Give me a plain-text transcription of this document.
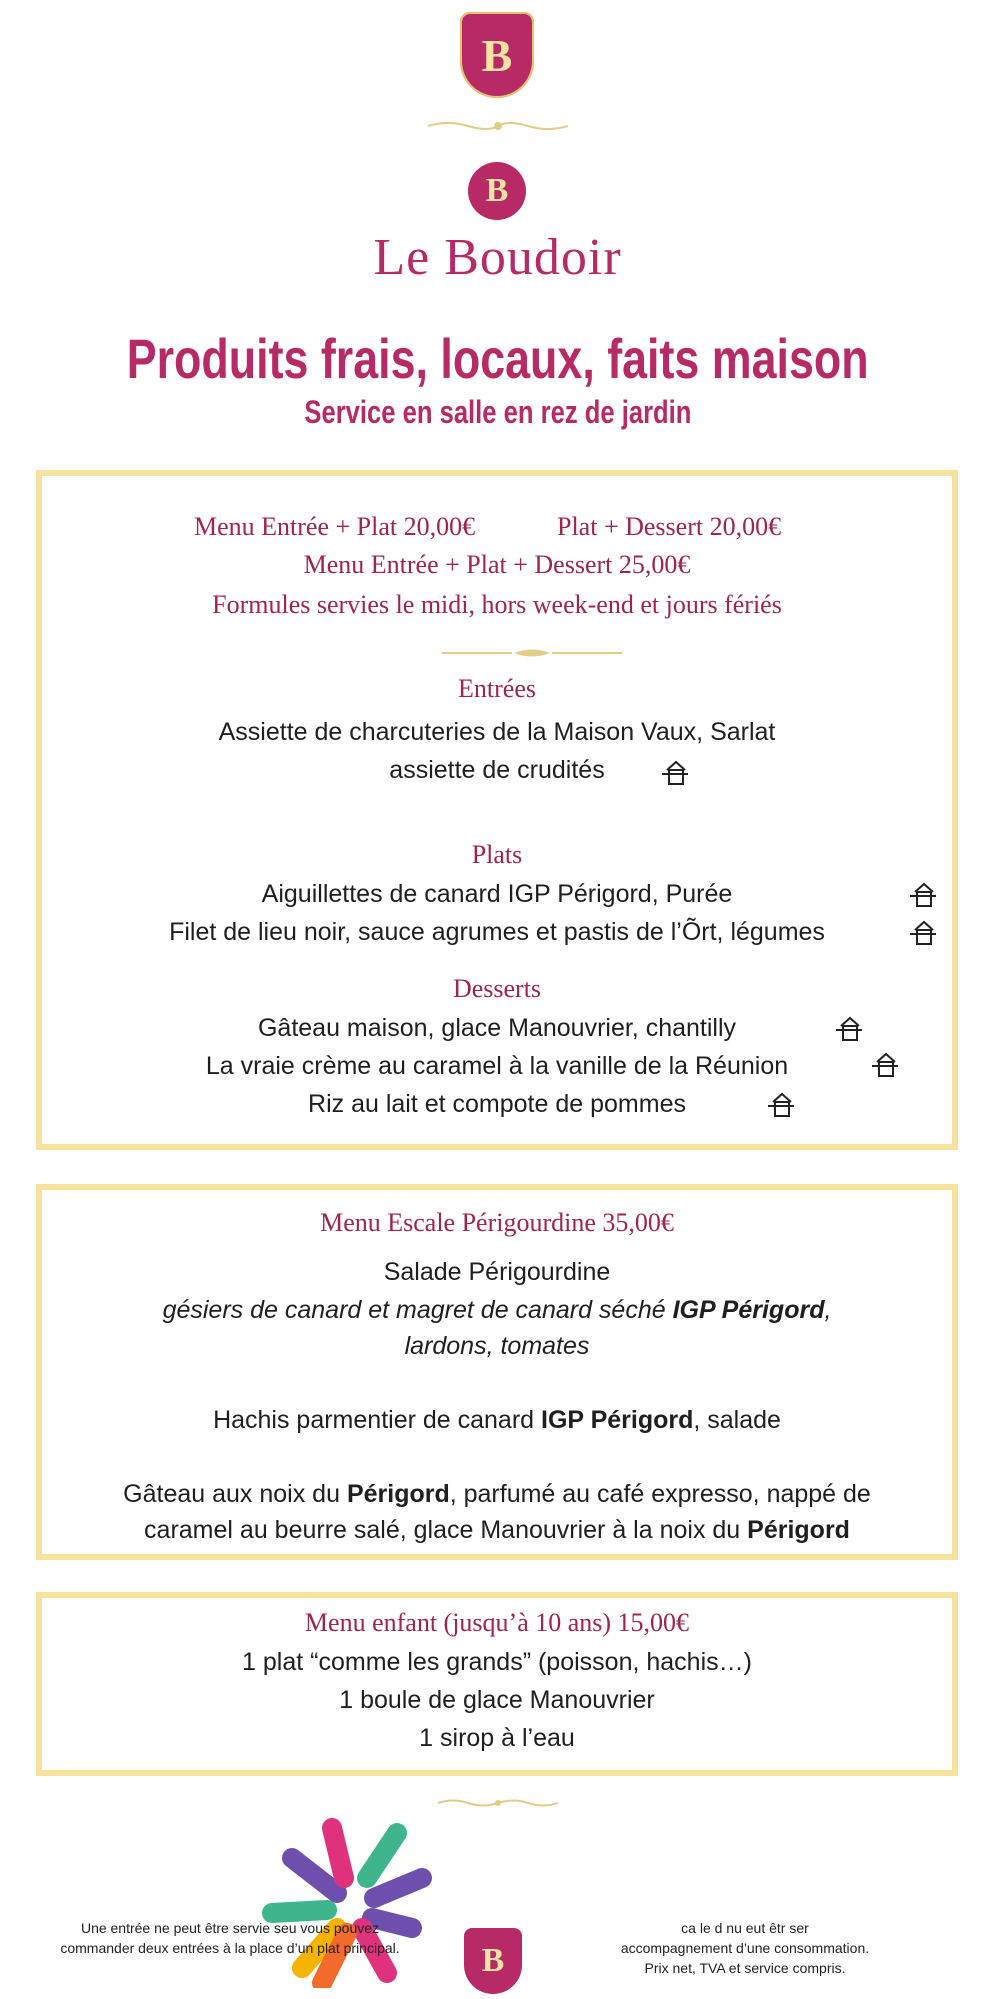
B
B
Le Boudoir
Produits frais, locaux, faits maison
Service en salle en rez de jardin
Menu Entrée + Plat 20,00€	Plat + Dessert 20,00€
Menu Entrée + Plat + Dessert 25,00€
Formules servies le midi, hors week-end et jours fériés
Entrées
Assiette de charcuteries de la Maison Vaux, Sarlat
assiette de crudités
Plats
Aiguillettes de canard IGP Périgord, Purée
Filet de lieu noir, sauce agrumes et pastis de l’Õrt, légumes
Desserts
Gâteau maison, glace Manouvrier, chantilly
La vraie crème au caramel à la vanille de la Réunion
Riz au lait et compote de pommes
Menu Escale Périgourdine 35,00€
Salade Périgourdine
gésiers de canard et magret de canard séché IGP Périgord,
lardons, tomates
Hachis parmentier de canard IGP Périgord, salade
Gâteau aux noix du Périgord, parfumé au café expresso, nappé de
caramel au beurre salé, glace Manouvrier à la noix du Périgord
Menu enfant (jusqu’à 10 ans) 15,00€
1 plat “comme les grands” (poisson, hachis…)
1 boule de glace Manouvrier
1 sirop à l’eau
Une entrée ne peut être servie seu vous pouvez
commander deux entrées à la place d’un plat principal.	B
ca le d nu eut êtr ser
accompagnement d’une consommation.
Prix net, TVA et service compris.
